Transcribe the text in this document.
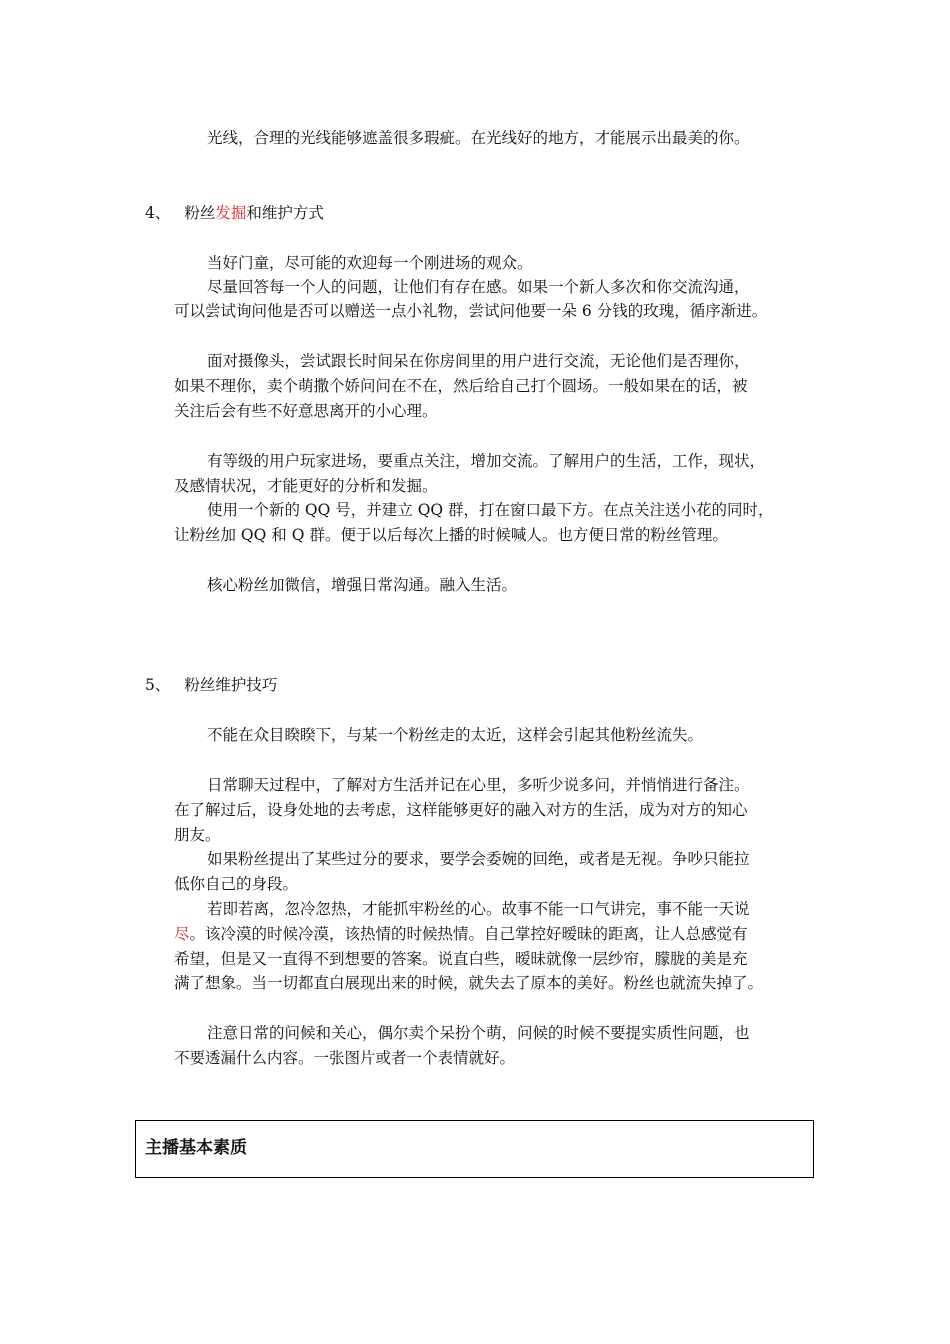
光线，合理的光线能够遮盖很多瑕疵。在光线好的地方，才能展示出最美的你。
4、 粉丝发掘和维护方式
当好门童，尽可能的欢迎每一个刚进场的观众。
尽量回答每一个人的问题，让他们有存在感。如果一个新人多次和你交流沟通，
可以尝试询问他是否可以赠送一点小礼物，尝试问他要一朵 6 分钱的玫瑰，循序渐进。
面对摄像头，尝试跟长时间呆在你房间里的用户进行交流，无论他们是否理你，
如果不理你，卖个萌撒个娇问问在不在，然后给自己打个圆场。一般如果在的话，被
关注后会有些不好意思离开的小心理。
有等级的用户玩家进场，要重点关注，增加交流。了解用户的生活，工作，现状，
及感情状况，才能更好的分析和发掘。
使用一个新的 QQ 号，并建立 QQ 群，打在窗口最下方。在点关注送小花的同时，
让粉丝加 QQ 和 Q 群。便于以后每次上播的时候喊人。也方便日常的粉丝管理。
核心粉丝加微信，增强日常沟通。融入生活。
5、 粉丝维护技巧
不能在众目睽睽下，与某一个粉丝走的太近，这样会引起其他粉丝流失。
日常聊天过程中，了解对方生活并记在心里，多听少说多问，并悄悄进行备注。
在了解过后，设身处地的去考虑，这样能够更好的融入对方的生活，成为对方的知心
朋友。
如果粉丝提出了某些过分的要求，要学会委婉的回绝，或者是无视。争吵只能拉
低你自己的身段。
若即若离，忽冷忽热，才能抓牢粉丝的心。故事不能一口气讲完，事不能一天说
尽。该冷漠的时候冷漠，该热情的时候热情。自己掌控好暧昧的距离，让人总感觉有
希望，但是又一直得不到想要的答案。说直白些，暧昧就像一层纱帘，朦胧的美是充
满了想象。当一切都直白展现出来的时候，就失去了原本的美好。粉丝也就流失掉了。
注意日常的问候和关心，偶尔卖个呆扮个萌，问候的时候不要提实质性问题，也
不要透漏什么内容。一张图片或者一个表情就好。
主播基本素质
